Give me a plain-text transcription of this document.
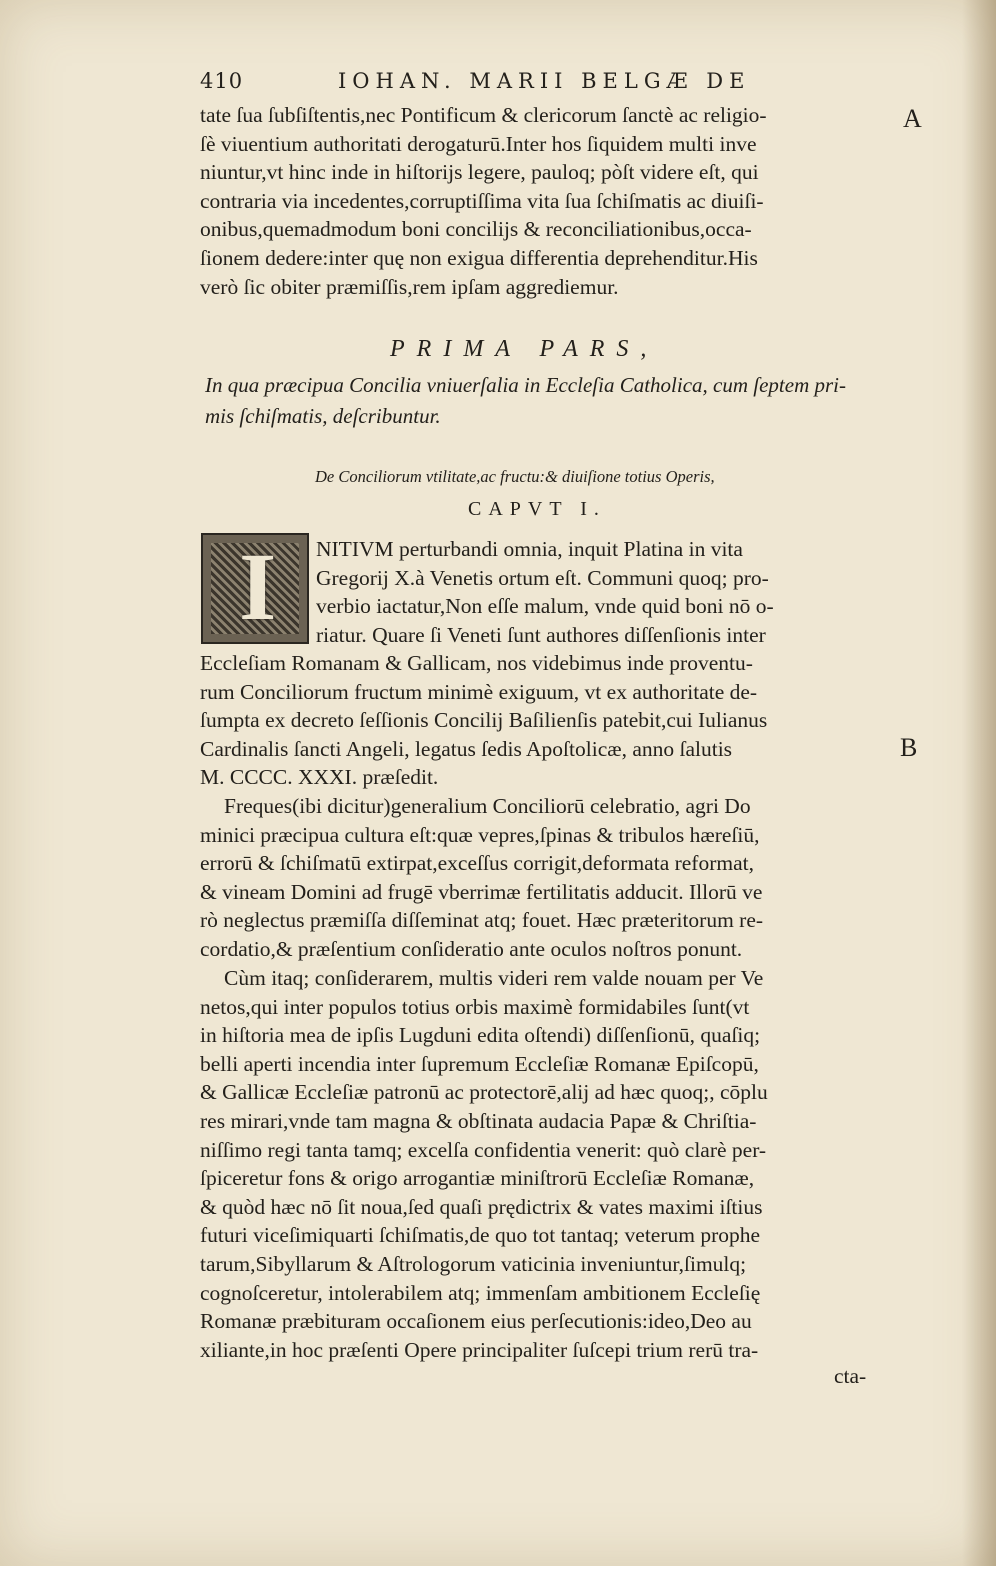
410	IOHAN. MARII BELGÆ DE
A
B

tate ſua ſubſiſtentis,nec Pontificum & clericorum ſanctè ac religio-

ſè viuentium authoritati derogaturū.Inter hos ſiquidem multi inve

niuntur,vt hinc inde in hiſtorijs legere, pauloq; pòſt videre eſt, qui

contraria via incedentes,corruptiſſima vita ſua ſchiſmatis ac diuiſi-

onibus,quemadmodum boni concilijs & reconciliationibus,occa-

ſionem dedere:inter quę non exigua differentia deprehenditur.His

verò ſic obiter præmiſſis,rem ipſam aggrediemur.

PRIMA PARS,
In qua præcipua Concilia vniuerſalia in Eccleſia Catholica, cum ſeptem pri-
mis ſchiſmatis, deſcribuntur.
De Conciliorum vtilitate,ac fructu:& diuiſione totius Operis,
CAPVT I.
I NITIVM perturbandi omnia, inquit Platina in vita

Gregorij X.à Venetis ortum eſt. Communi quoq; pro-

verbio iactatur,Non eſſe malum, vnde quid boni nō o-

riatur. Quare ſi Veneti ſunt authores diſſenſionis inter

Eccleſiam Romanam & Gallicam, nos videbimus inde proventu-

rum Conciliorum fructum minimè exiguum, vt ex authoritate de-

ſumpta ex decreto ſeſſionis Concilij Baſilienſis patebit,cui Iulianus

Cardinalis ſancti Angeli, legatus ſedis Apoſtolicæ, anno ſalutis

M. CCCC. XXXI. præſedit.

Freques(ibi dicitur)generalium Conciliorū celebratio, agri Do

minici præcipua cultura eſt:quæ vepres,ſpinas & tribulos hæreſiū,

errorū & ſchiſmatū extirpat,exceſſus corrigit,deformata reformat,

& vineam Domini ad frugē vberrimæ fertilitatis adducit. Illorū ve

rò neglectus præmiſſa diſſeminat atq; fouet. Hæc præteritorum re-

cordatio,& præſentium conſideratio ante oculos noſtros ponunt.

Cùm itaq; conſiderarem, multis videri rem valde nouam per Ve

netos,qui inter populos totius orbis maximè formidabiles ſunt(vt

in hiſtoria mea de ipſis Lugduni edita oſtendi) diſſenſionū, quaſiq;

belli aperti incendia inter ſupremum Eccleſiæ Romanæ Epiſcopū,

& Gallicæ Eccleſiæ patronū ac protectorē,alij ad hæc quoq;, cōplu

res mirari,vnde tam magna & obſtinata audacia Papæ & Chriſtia-

niſſimo regi tanta tamq; excelſa confidentia venerit: quò clarè per-

ſpiceretur fons & origo arrogantiæ miniſtrorū Eccleſiæ Romanæ,

& quòd hæc nō ſit noua,ſed quaſi prędictrix & vates maximi iſtius

futuri viceſimiquarti ſchiſmatis,de quo tot tantaq; veterum prophe

tarum,Sibyllarum & Aſtrologorum vaticinia inveniuntur,ſimulq;

cognoſceretur, intolerabilem atq; immenſam ambitionem Eccleſię

Romanæ præbituram occaſionem eius perſecutionis:ideo,Deo au

xiliante,in hoc præſenti Opere principaliter ſuſcepi trium rerū tra-

cta-
